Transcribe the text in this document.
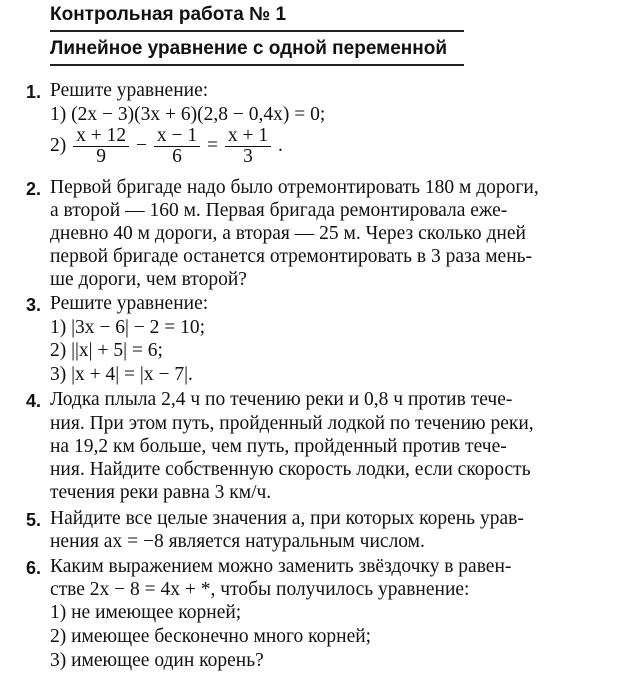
Контрольная работа № 1
Линейное уравнение с одной переменной
1. Решите уравнение:
1) (2x − 3)(3x + 6)(2,8 − 0,4x) = 0;
$2) \frac{x + 12}{9} - \frac{x - 1}{6} = \frac{x + 1}{3}$ .
2. Первой бригаде надо было отремонтировать 180 м дороги,
а второй — 160 м. Первая бригада ремонтировала еже-
дневно 40 м дороги, а вторая — 25 м. Через сколько дней
первой бригаде останется отремонтировать в 3 раза мень-
ше дороги, чем второй?
3. Решите уравнение:
1) |3x − 6| − 2 = 10;
2) ||x| + 5| = 6;
3) |x + 4| = |x − 7|.
4. Лодка плыла 2,4 ч по течению реки и 0,8 ч против тече-
ния. При этом путь, пройденный лодкой по течению реки,
на 19,2 км больше, чем путь, пройденный против тече-
ния. Найдите собственную скорость лодки, если скорость
течения реки равна 3 км/ч.
5. Найдите все целые значения a, при которых корень урав-
нения ax = −8 является натуральным числом.
6. Каким выражением можно заменить звёздочку в равен-
стве 2x − 8 = 4x + *, чтобы получилось уравнение:
1) не имеющее корней;
2) имеющее бесконечно много корней;
3) имеющее один корень?
